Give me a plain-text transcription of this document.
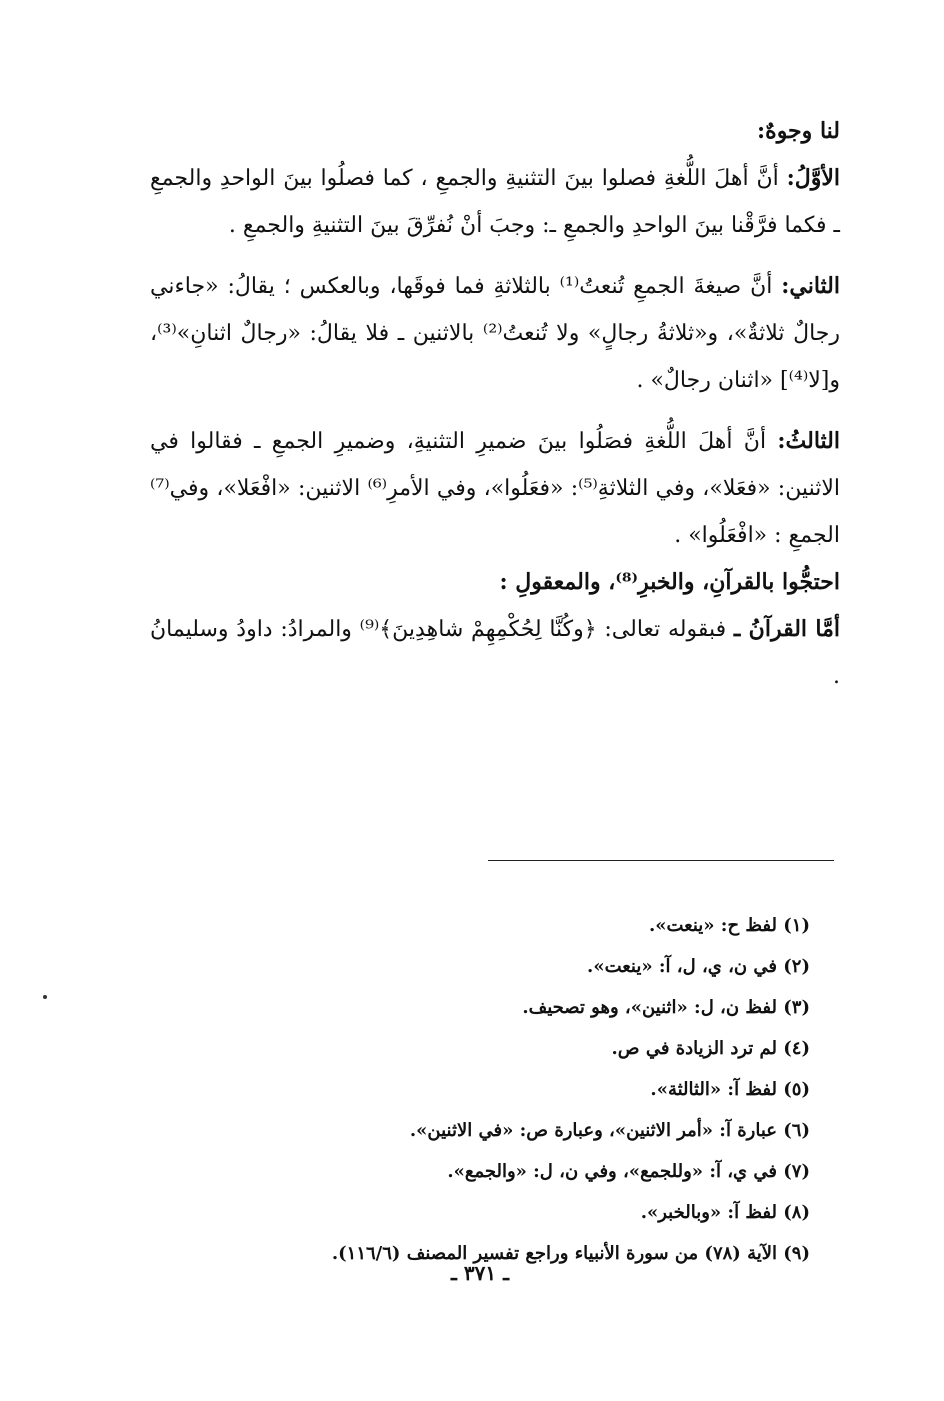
لنا وجوهٌ:

الأوَّلُ: أنَّ أهلَ اللُّغةِ فصلوا بينَ التثنيةِ والجمعِ ، كما فصلُوا بينَ الواحدِ والجمعِ ـ فكما فرَّقْنا بينَ الواحدِ والجمعِ ـ: وجبَ أنْ نُفرِّقَ بينَ التثنيةِ والجمعِ .

الثاني: أنَّ صيغةَ الجمعِ تُنعتُ⁽¹⁾ بالثلاثةِ فما فوقَها، وبالعكس ؛ يقالُ: «جاءني رجالٌ ثلاثةٌ»، و«ثلاثةُ رجالٍ» ولا تُنعتُ⁽²⁾ بالاثنين ـ فلا يقالُ: «رجالٌ اثنانِ»⁽³⁾، و[لا⁽⁴⁾] «اثنان رجالٌ» .

الثالثُ: أنَّ أهلَ اللُّغةِ فصَلُوا بينَ ضميرِ التثنيةِ، وضميرِ الجمعِ ـ فقالوا في الاثنين: «فعَلا»، وفي الثلاثةِ⁽⁵⁾: «فعَلُوا»، وفي الأمرِ⁽⁶⁾ الاثنين: «افْعَلا»، وفي⁽⁷⁾ الجمعِ : «افْعَلُوا» .

احتجُّوا بالقرآنِ، والخبرِ⁽⁸⁾، والمعقولِ :

أمَّا القرآنُ ـ فبقوله تعالى: ﴿وكُنَّا لِحُكْمِهِمْ شاهِدِينَ﴾⁽⁹⁾ والمرادُ: داودُ وسليمانُ .

(١) لفظ ح: «ينعت».
(٢) في ن، ي، ل، آ: «ينعت».
(٣) لفظ ن، ل: «اثنين»، وهو تصحيف.
(٤) لم ترد الزيادة في ص.
(٥) لفظ آ: «الثالثة».
(٦) عبارة آ: «أمر الاثنين»، وعبارة ص: «في الاثنين».
(٧) في ي، آ: «وللجمع»، وفي ن، ل: «والجمع».
(٨) لفظ آ: «وبالخبر».
(٩) الآية (٧٨) من سورة الأنبياء وراجع تفسير المصنف (١١٦/٦).
ـ ٣٧١ ـ
